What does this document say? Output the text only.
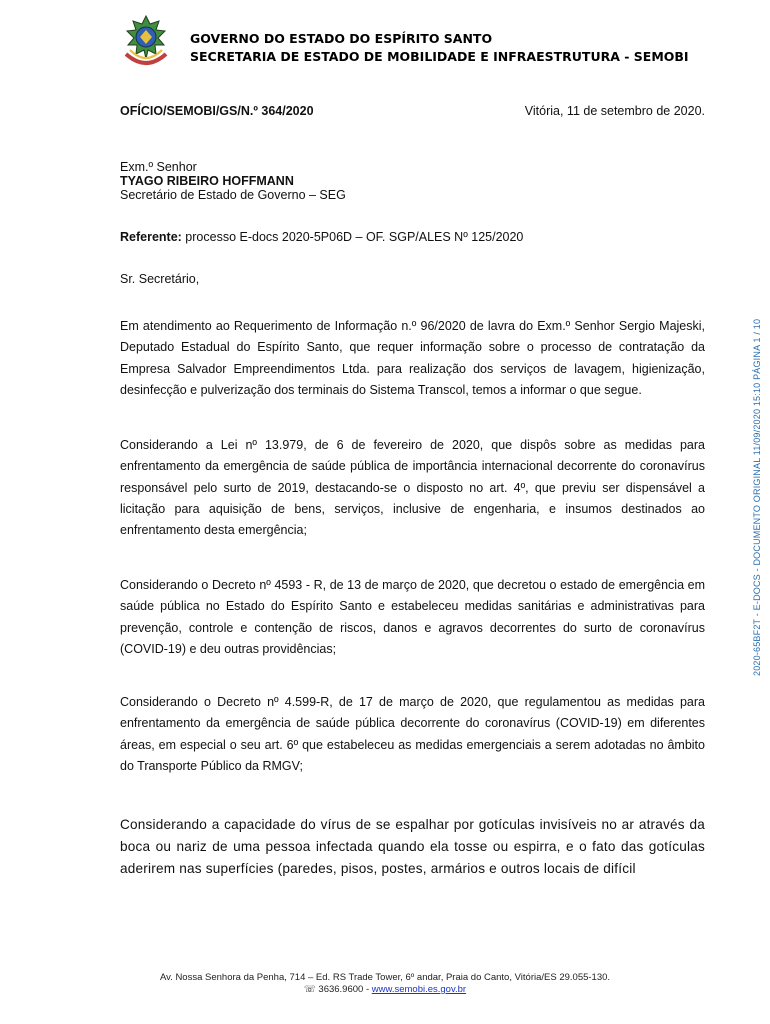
GOVERNO DO ESTADO DO ESPÍRITO SANTO
SECRETARIA DE ESTADO DE MOBILIDADE E INFRAESTRUTURA - SEMOBI
OFÍCIO/SEMOBI/GS/N.º 364/2020	Vitória, 11 de setembro de 2020.
Exm.º Senhor
TYAGO RIBEIRO HOFFMANN
Secretário de Estado de Governo – SEG
Referente: processo E-docs 2020-5P06D – OF. SGP/ALES Nº 125/2020
Sr. Secretário,
Em atendimento ao Requerimento de Informação n.º 96/2020 de lavra do Exm.º Senhor Sergio Majeski, Deputado Estadual do Espírito Santo, que requer informação sobre o processo de contratação da Empresa Salvador Empreendimentos Ltda. para realização dos serviços de lavagem, higienização, desinfecção e pulverização dos terminais do Sistema Transcol, temos a informar o que segue.
Considerando a Lei nº 13.979, de 6 de fevereiro de 2020, que dispôs sobre as medidas para enfrentamento da emergência de saúde pública de importância internacional decorrente do coronavírus responsável pelo surto de 2019, destacando-se o disposto no art. 4º, que previu ser dispensável a licitação para aquisição de bens, serviços, inclusive de engenharia, e insumos destinados ao enfrentamento desta emergência;
Considerando o Decreto nº 4593 - R, de 13 de março de 2020, que decretou o estado de emergência em saúde pública no Estado do Espírito Santo e estabeleceu medidas sanitárias e administrativas para prevenção, controle e contenção de riscos, danos e agravos decorrentes do surto de coronavírus (COVID-19) e deu outras providências;
Considerando o Decreto nº 4.599-R, de 17 de março de 2020, que regulamentou as medidas para enfrentamento da emergência de saúde pública decorrente do coronavírus (COVID-19) em diferentes áreas, em especial o seu art. 6º que estabeleceu as medidas emergenciais a serem adotadas no âmbito do Transporte Público da RMGV;
Considerando a capacidade do vírus de se espalhar por gotículas invisíveis no ar através da boca ou nariz de uma pessoa infectada quando ela tosse ou espirra, e o fato das gotículas aderirem nas superfícies (paredes, pisos, postes, armários e outros locais de difícil
2020-65BF2T - E-DOCS - DOCUMENTO ORIGINAL 11/09/2020 15:10 PÁGINA 1 / 10
Av. Nossa Senhora da Penha, 714 – Ed. RS Trade Tower, 6º andar, Praia do Canto, Vitória/ES 29.055-130.
☏ 3636.9600 - www.semobi.es.gov.br
